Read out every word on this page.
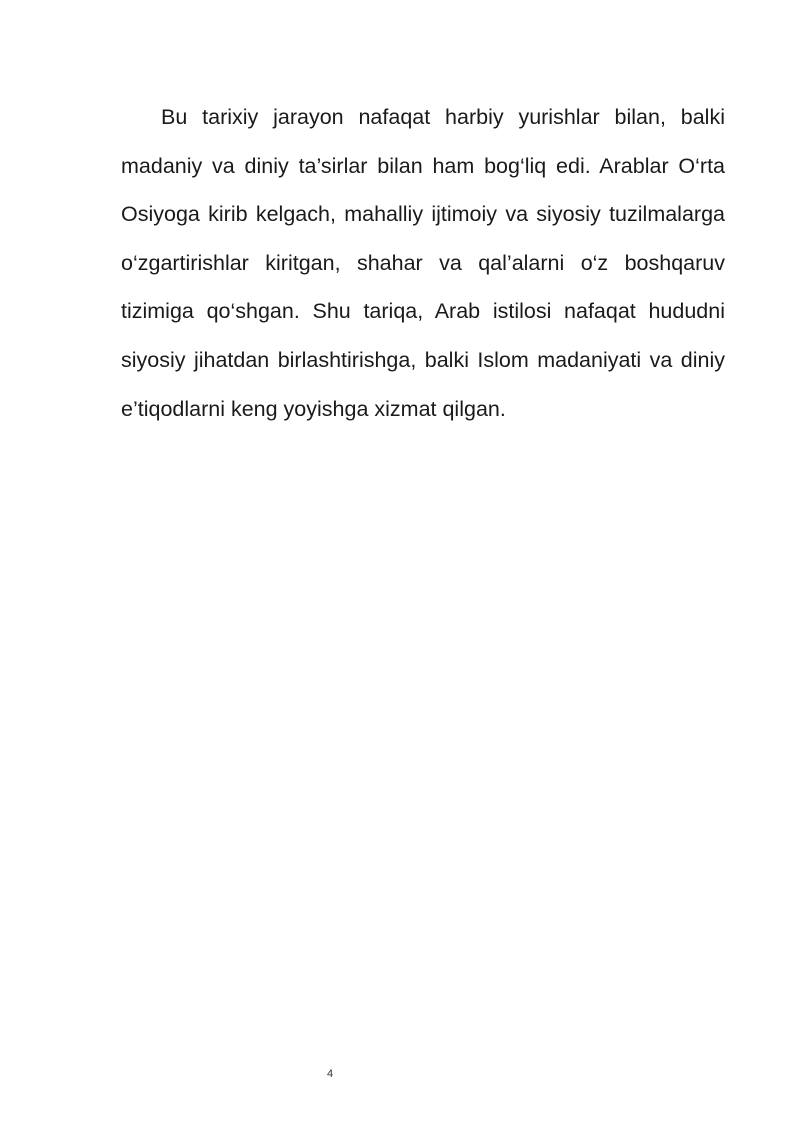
Bu tarixiy jarayon nafaqat harbiy yurishlar bilan, balki madaniy va diniy ta’sirlar bilan ham bog‘liq edi. Arablar O‘rta Osiyoga kirib kelgach, mahalliy ijtimoiy va siyosiy tuzilmalarga o‘zgartirishlar kiritgan, shahar va qal’alarni o‘z boshqaruv tizimiga qo‘shgan. Shu tariqa, Arab istilosi nafaqat hududni siyosiy jihatdan birlashtirishga, balki Islom madaniyati va diniy e’tiqodlarni keng yoyishga xizmat qilgan.

4
